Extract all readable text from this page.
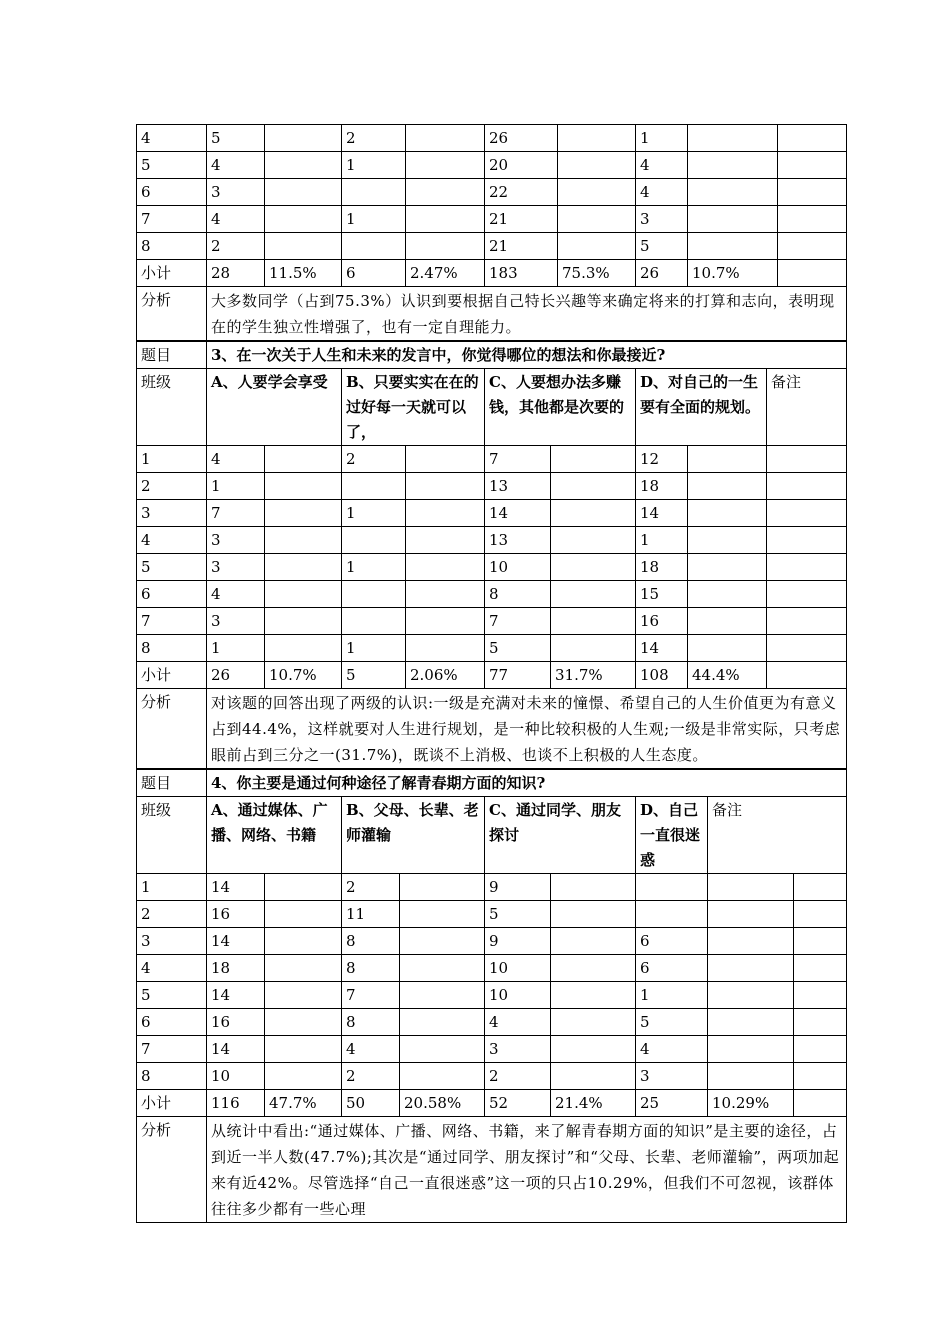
4	5		2		26		1		
5	4		1		20		4		
6	3				22		4		
7	4		1		21		3		
8	2				21		5		
小计	28	11.5%	6	2.47%	183	75.3%	26	10.7%	
分析	大多数同学（占到75.3%）认识到要根据自己特长兴趣等来确定将来的打算和志向，表明现在的学生独立性增强了，也有一定自理能力。								
题目	3、在一次关于人生和未来的发言中，你觉得哪位的想法和你最接近?								
班级	A、人要学会享受		B、只要实实在在的过好每一天就可以了，		C、人要想办法多赚钱，其他都是次要的		D、对自己的一生要有全面的规划。		备注
1	4		2		7		12		
2	1				13		18		
3	7		1		14		14		
4	3				13		1		
5	3		1		10		18		
6	4				8		15		
7	3				7		16		
8	1		1		5		14		
小计	26	10.7%	5	2.06%	77	31.7%	108	44.4%	
分析	对该题的回答出现了两级的认识:一级是充满对未来的憧憬、希望自己的人生价值更为有意义占到44.4%，这样就要对人生进行规划，是一种比较积极的人生观;一级是非常实际，只考虑眼前占到三分之一(31.7%)，既谈不上消极、也谈不上积极的人生态度。								
题目	4、你主要是通过何种途径了解青春期方面的知识?								
班级	A、通过媒体、广播、网络、书籍		B、父母、长辈、老师灌输		C、通过同学、朋友探讨		D、自己一直很迷惑	备注	
1	14		2		9				
2	16		11		5				
3	14		8		9		6		
4	18		8		10		6		
5	14		7		10		1		
6	16		8		4		5		
7	14		4		3		4		
8	10		2		2		3		
小计	116	47.7%	50	20.58%	52	21.4%	25	10.29%	
分析	从统计中看出:“通过媒体、广播、网络、书籍，来了解青春期方面的知识”是主要的途径，占到近一半人数(47.7%);其次是“通过同学、朋友探讨”和“父母、长辈、老师灌输”，两项加起来有近42%。尽管选择“自己一直很迷惑”这一项的只占10.29%，但我们不可忽视，该群体往往多少都有一些心理								
